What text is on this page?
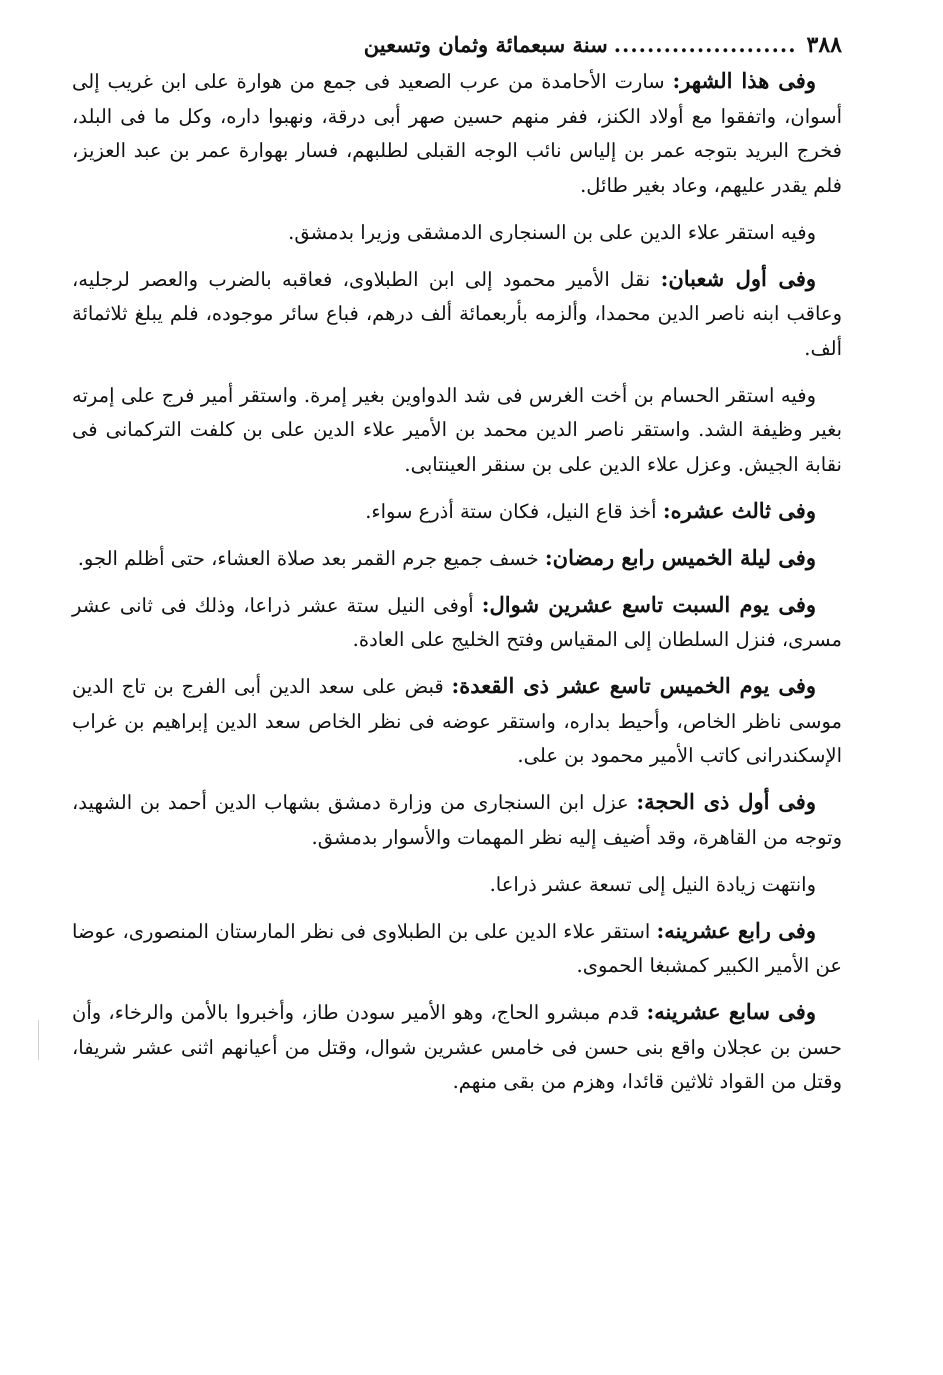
٣٨٨
......................
سنة سبعمائة وثمان وتسعين

وفى هذا الشهر: سارت الأحامدة من عرب الصعيد فى جمع من هوارة على ابن غريب إلى أسوان، واتفقوا مع أولاد الكنز، ففر منهم حسين صهر أبى درقة، ونهبوا داره، وكل ما فى البلد، فخرج البريد بتوجه عمر بن إلياس نائب الوجه القبلى لطلبهم، فسار بهوارة عمر بن عبد العزيز، فلم يقدر عليهم، وعاد بغير طائل.

وفيه استقر علاء الدين على بن السنجارى الدمشقى وزيرا بدمشق.

وفى أول شعبان: نقل الأمير محمود إلى ابن الطبلاوى، فعاقبه بالضرب والعصر لرجليه، وعاقب ابنه ناصر الدين محمدا، وألزمه بأربعمائة ألف درهم، فباع سائر موجوده، فلم يبلغ ثلاثمائة ألف.

وفيه استقر الحسام بن أخت الغرس فى شد الدواوين بغير إمرة. واستقر أمير فرج على إمرته بغير وظيفة الشد. واستقر ناصر الدين محمد بن الأمير علاء الدين على بن كلفت التركمانى فى نقابة الجيش. وعزل علاء الدين على بن سنقر العينتابى.

وفى ثالث عشره: أخذ قاع النيل، فكان ستة أذرع سواء.

وفى ليلة الخميس رابع رمضان: خسف جميع جرم القمر بعد صلاة العشاء، حتى أظلم الجو.

وفى يوم السبت تاسع عشرين شوال: أوفى النيل ستة عشر ذراعا، وذلك فى ثانى عشر مسرى، فنزل السلطان إلى المقياس وفتح الخليج على العادة.

وفى يوم الخميس تاسع عشر ذى القعدة: قبض على سعد الدين أبى الفرج بن تاج الدين موسى ناظر الخاص، وأحيط بداره، واستقر عوضه فى نظر الخاص سعد الدين إبراهيم بن غراب الإسكندرانى كاتب الأمير محمود بن على.

وفى أول ذى الحجة: عزل ابن السنجارى من وزارة دمشق بشهاب الدين أحمد بن الشهيد، وتوجه من القاهرة، وقد أضيف إليه نظر المهمات والأسوار بدمشق.

وانتهت زيادة النيل إلى تسعة عشر ذراعا.

وفى رابع عشرينه: استقر علاء الدين على بن الطبلاوى فى نظر المارستان المنصورى، عوضا عن الأمير الكبير كمشبغا الحموى.

وفى سابع عشرينه: قدم مبشرو الحاج، وهو الأمير سودن طاز، وأخبروا بالأمن والرخاء، وأن حسن بن عجلان واقع بنى حسن فى خامس عشرين شوال، وقتل من أعيانهم اثنى عشر شريفا، وقتل من القواد ثلاثين قائدا، وهزم من بقى منهم.
